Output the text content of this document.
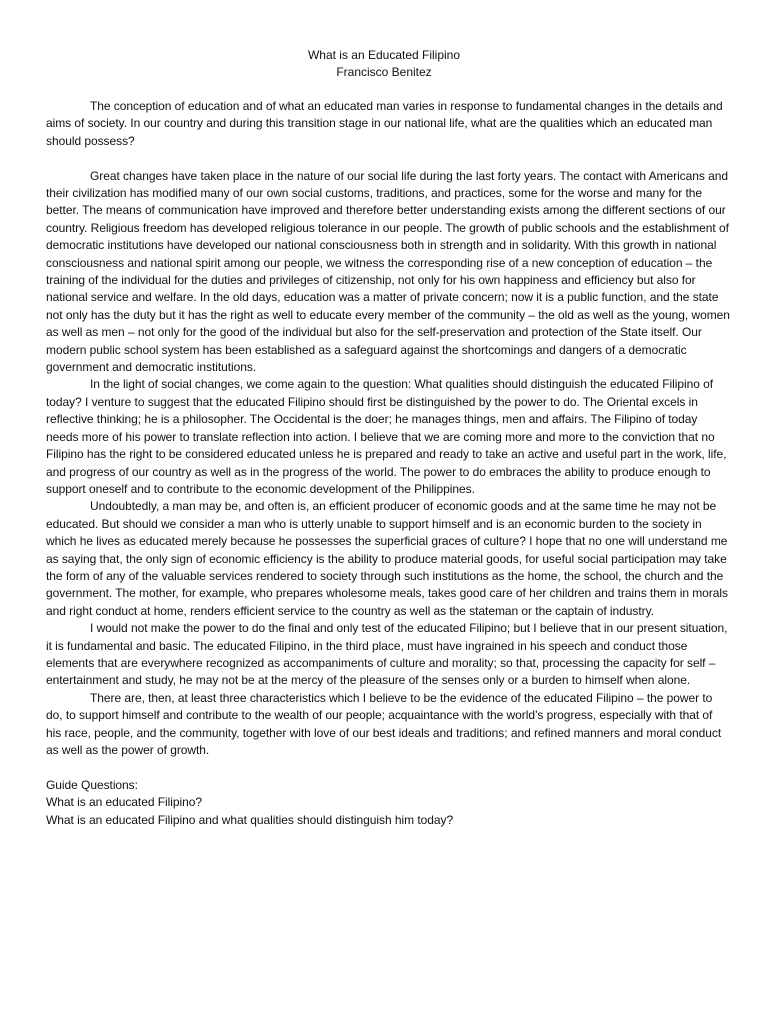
What is an Educated Filipino
Francisco Benitez

The conception of education and of what an educated man varies in response to fundamental changes in the details and aims of society. In our country and during this transition stage in our national life, what are the qualities which an educated man should possess?

Great changes have taken place in the nature of our social life during the last forty years. The contact with Americans and their civilization has modified many of our own social customs, traditions, and practices, some for the worse and many for the better. The means of communication have improved and therefore better understanding exists among the different sections of our country. Religious freedom has developed religious tolerance in our people. The growth of public schools and the establishment of democratic institutions have developed our national consciousness both in strength and in solidarity. With this growth in national consciousness and national spirit among our people, we witness the corresponding rise of a new conception of education – the training of the individual for the duties and privileges of citizenship, not only for his own happiness and efficiency but also for national service and welfare. In the old days, education was a matter of private concern; now it is a public function, and the state not only has the duty but it has the right as well to educate every member of the community – the old as well as the young, women as well as men – not only for the good of the individual but also for the self-preservation and protection of the State itself. Our modern public school system has been established as a safeguard against the shortcomings and dangers of a democratic government and democratic institutions.

In the light of social changes, we come again to the question: What qualities should distinguish the educated Filipino of today? I venture to suggest that the educated Filipino should first be distinguished by the power to do. The Oriental excels in reflective thinking; he is a philosopher. The Occidental is the doer; he manages things, men and affairs. The Filipino of today needs more of his power to translate reflection into action. I believe that we are coming more and more to the conviction that no Filipino has the right to be considered educated unless he is prepared and ready to take an active and useful part in the work, life, and progress of our country as well as in the progress of the world. The power to do embraces the ability to produce enough to support oneself and to contribute to the economic development of the Philippines.

Undoubtedly, a man may be, and often is, an efficient producer of economic goods and at the same time he may not be educated. But should we consider a man who is utterly unable to support himself and is an economic burden to the society in which he lives as educated merely because he possesses the superficial graces of culture? I hope that no one will understand me as saying that, the only sign of economic efficiency is the ability to produce material goods, for useful social participation may take the form of any of the valuable services rendered to society through such institutions as the home, the school, the church and the government. The mother, for example, who prepares wholesome meals, takes good care of her children and trains them in morals and right conduct at home, renders efficient service to the country as well as the stateman or the captain of industry.

I would not make the power to do the final and only test of the educated Filipino; but I believe that in our present situation, it is fundamental and basic. The educated Filipino, in the third place, must have ingrained in his speech and conduct those elements that are everywhere recognized as accompaniments of culture and morality; so that, processing the capacity for self – entertainment and study, he may not be at the mercy of the pleasure of the senses only or a burden to himself when alone.

There are, then, at least three characteristics which I believe to be the evidence of the educated Filipino – the power to do, to support himself and contribute to the wealth of our people; acquaintance with the world’s progress, especially with that of his race, people, and the community, together with love of our best ideals and traditions; and refined manners and moral conduct as well as the power of growth.

Guide Questions:

What is an educated Filipino?

What is an educated Filipino and what qualities should distinguish him today?
